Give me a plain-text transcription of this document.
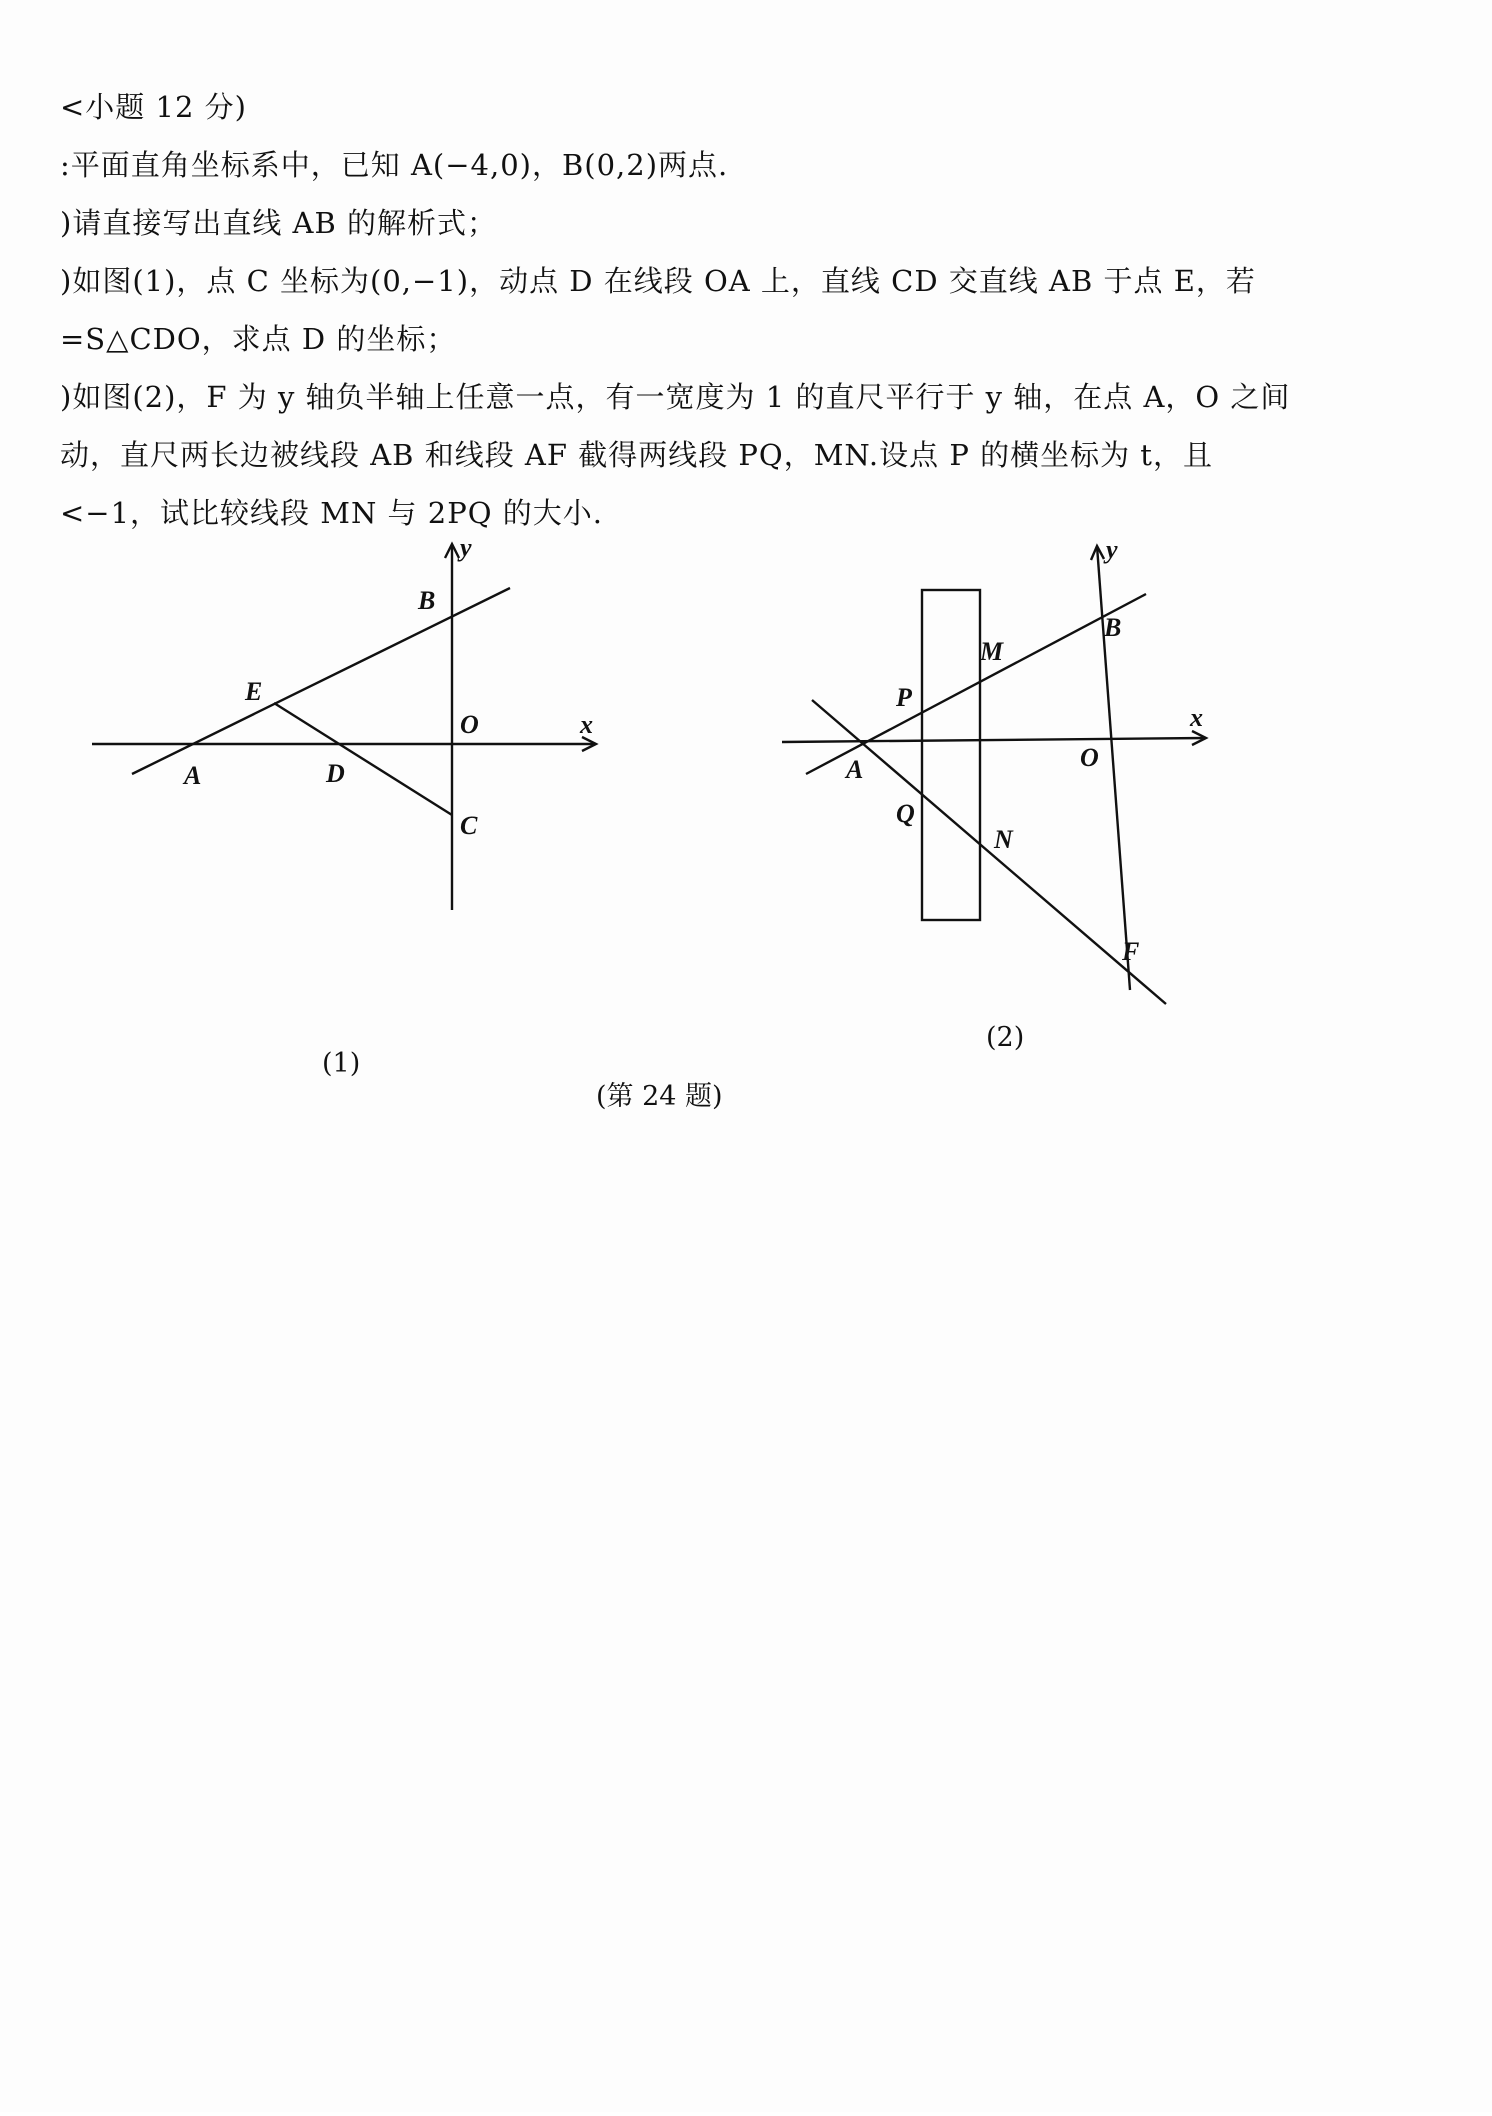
<小题 12 分)
:平面直角坐标系中，已知 A(−4,0)，B(0,2)两点.
)请直接写出直线 AB 的解析式；
)如图(1)，点 C 坐标为(0,−1)，动点 D 在线段 OA 上，直线 CD 交直线 AB 于点 E，若
=S△CDO，求点 D 的坐标；
)如图(2)，F 为 y 轴负半轴上任意一点，有一宽度为 1 的直尺平行于 y 轴，在点 A，O 之间
动，直尺两长边被线段 AB 和线段 AF 截得两线段 PQ，MN.设点 P 的横坐标为 t，且
<−1，试比较线段 MN 与 2PQ 的大小.
y
x
B
E
O
A	D
C
y
x
M
B
P
O
A
Q
N
F
(1)
(2)
(第 24 题)
